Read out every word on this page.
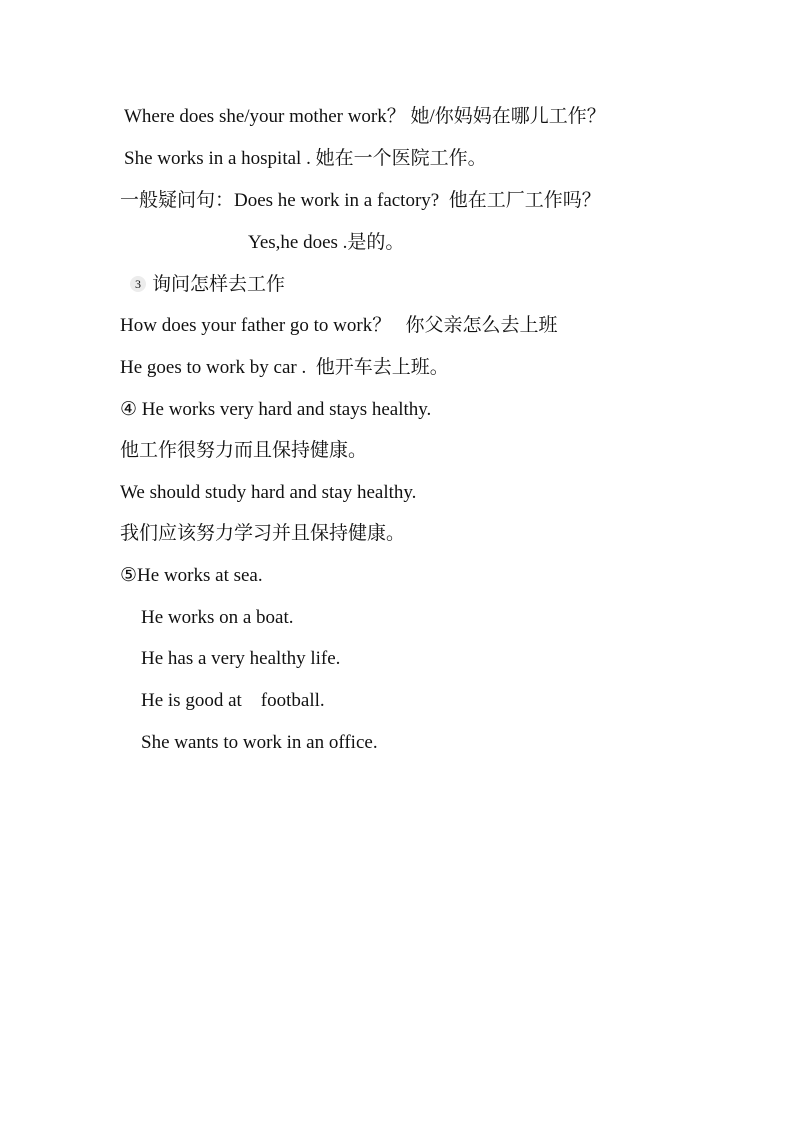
Where does she/your mother work？ 她/你妈妈在哪儿工作？
She works in a hospital . 她在一个医院工作。
一般疑问句：Does he work in a factory?  他在工厂工作吗？
Yes,he does .是的。
3 询问怎样去工作
How does your father go to work？   你父亲怎么去上班
He goes to work by car .  他开车去上班。
④ He works very hard and stays healthy.
他工作很努力而且保持健康。
We should study hard and stay healthy.
我们应该努力学习并且保持健康。
⑤He works at sea.
He works on a boat.
He has a very healthy life.
He is good at    football.
She wants to work in an office.
